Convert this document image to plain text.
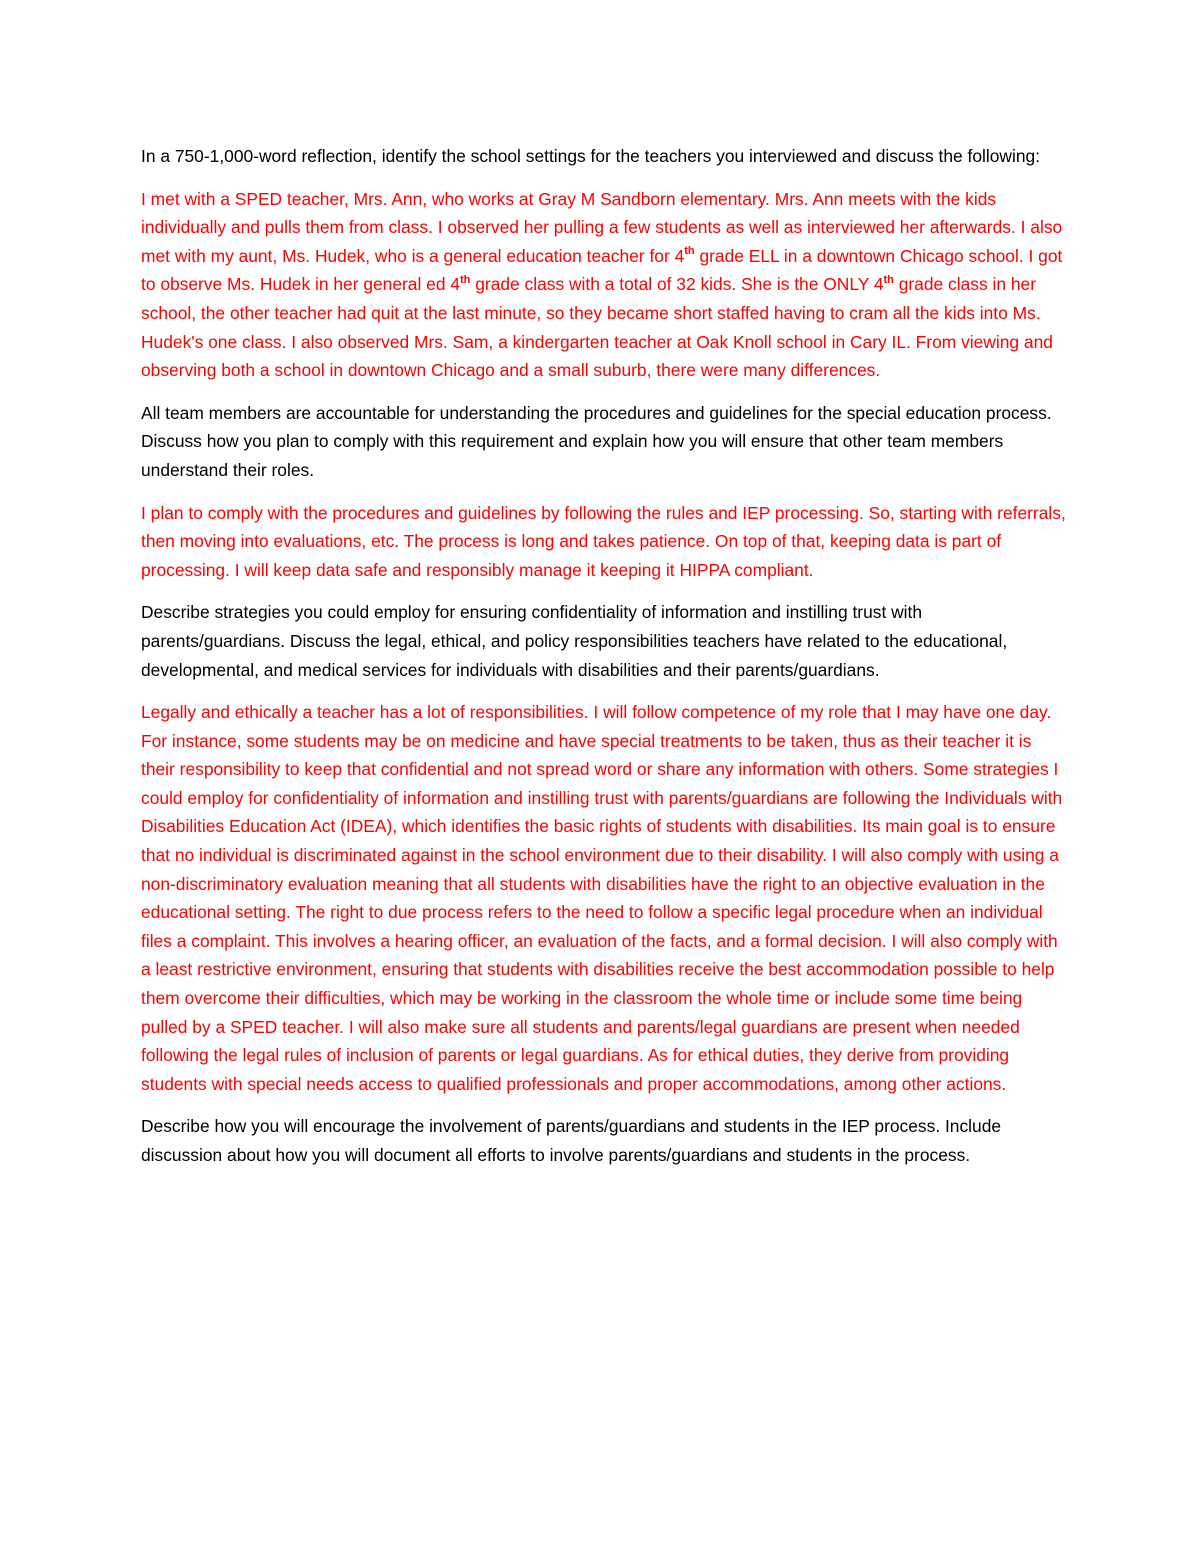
In a 750-1,000-word reflection, identify the school settings for the teachers you interviewed and discuss the following:

I met with a SPED teacher, Mrs. Ann, who works at Gray M Sandborn elementary. Mrs. Ann meets with the kids individually and pulls them from class. I observed her pulling a few students as well as interviewed her afterwards. I also met with my aunt, Ms. Hudek, who is a general education teacher for 4th grade ELL in a downtown Chicago school. I got to observe Ms. Hudek in her general ed 4th grade class with a total of 32 kids. She is the ONLY 4th grade class in her school, the other teacher had quit at the last minute, so they became short staffed having to cram all the kids into Ms. Hudek's one class. I also observed Mrs. Sam, a kindergarten teacher at Oak Knoll school in Cary IL. From viewing and observing both a school in downtown Chicago and a small suburb, there were many differences.

All team members are accountable for understanding the procedures and guidelines for the special education process. Discuss how you plan to comply with this requirement and explain how you will ensure that other team members understand their roles.

I plan to comply with the procedures and guidelines by following the rules and IEP processing. So, starting with referrals, then moving into evaluations, etc. The process is long and takes patience. On top of that, keeping data is part of processing. I will keep data safe and responsibly manage it keeping it HIPPA compliant.

Describe strategies you could employ for ensuring confidentiality of information and instilling trust with parents/guardians. Discuss the legal, ethical, and policy responsibilities teachers have related to the educational, developmental, and medical services for individuals with disabilities and their parents/guardians.

Legally and ethically a teacher has a lot of responsibilities. I will follow competence of my role that I may have one day. For instance, some students may be on medicine and have special treatments to be taken, thus as their teacher it is their responsibility to keep that confidential and not spread word or share any information with others. Some strategies I could employ for confidentiality of information and instilling trust with parents/guardians are following the Individuals with Disabilities Education Act (IDEA), which identifies the basic rights of students with disabilities. Its main goal is to ensure that no individual is discriminated against in the school environment due to their disability. I will also comply with using a non-discriminatory evaluation meaning that all students with disabilities have the right to an objective evaluation in the educational setting. The right to due process refers to the need to follow a specific legal procedure when an individual files a complaint. This involves a hearing officer, an evaluation of the facts, and a formal decision. I will also comply with a least restrictive environment, ensuring that students with disabilities receive the best accommodation possible to help them overcome their difficulties, which may be working in the classroom the whole time or include some time being pulled by a SPED teacher. I will also make sure all students and parents/legal guardians are present when needed following the legal rules of inclusion of parents or legal guardians. As for ethical duties, they derive from providing students with special needs access to qualified professionals and proper accommodations, among other actions.

Describe how you will encourage the involvement of parents/guardians and students in the IEP process. Include discussion about how you will document all efforts to involve parents/guardians and students in the process.
